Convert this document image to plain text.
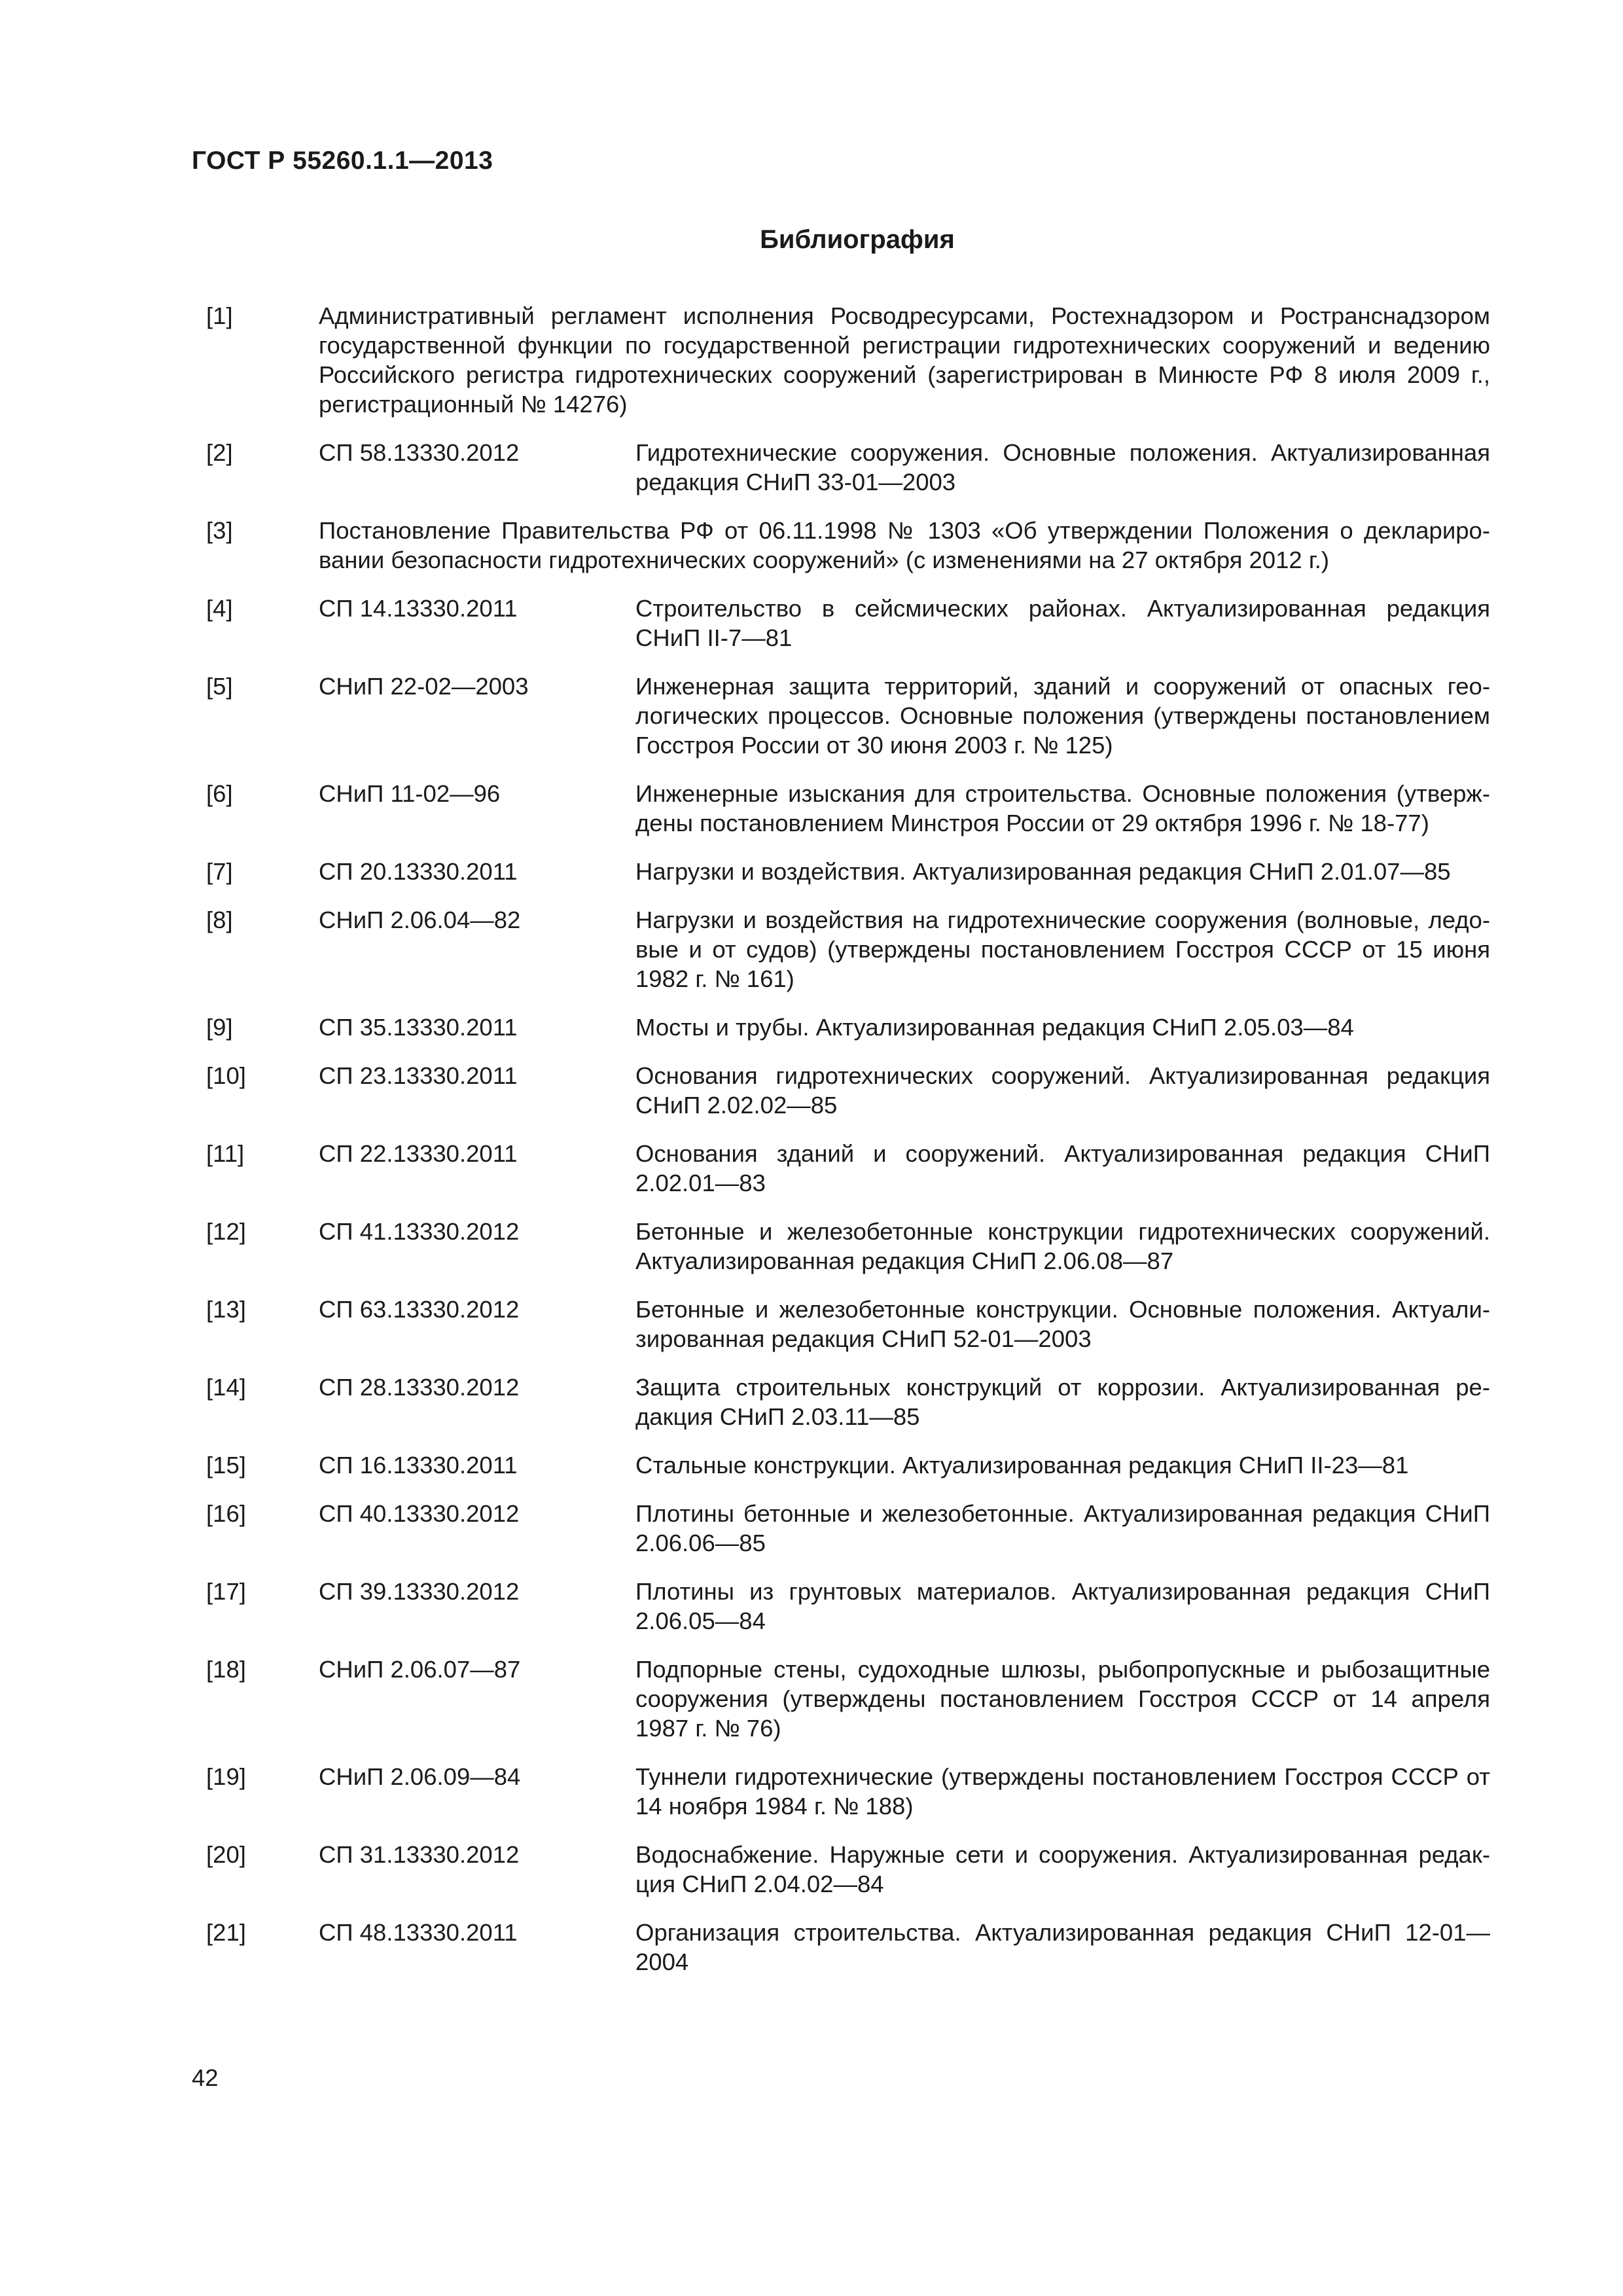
ГОСТ Р 55260.1.1—2013
Библиография
[1]	Административный регламент исполнения Росводресурсами, Ростехнадзором и Ространснадзором государственной функции по государственной регистрации гидротехнических сооружений и ведению Российского регистра гидротехнических сооружений (зарегистрирован в Минюсте РФ 8 июля 2009 г., регистрационный № 14276)
[2]	СП 58.13330.2012	Гидротехнические сооружения. Основные положения. Актуализированная редакция СНиП 33-01—2003
[3]	Постановление Правительства РФ от 06.11.1998 № 1303 «Об утверждении Положения о декларировании безопасности гидротехнических сооружений» (с изменениями на 27 октября 2012 г.)
[4]	СП 14.13330.2011	Строительство в сейсмических районах. Актуализированная редакция СНиП II-7—81
[5]	СНиП 22-02—2003	Инженерная защита территорий, зданий и сооружений от опасных геологических процессов. Основные положения (утверждены постановлением Госстроя России от 30 июня 2003 г. № 125)
[6]	СНиП 11-02—96	Инженерные изыскания для строительства. Основные положения (утверждены постановлением Минстроя России от 29 октября 1996 г. № 18-77)
[7]	СП 20.13330.2011	Нагрузки и воздействия. Актуализированная редакция СНиП 2.01.07—85
[8]	СНиП 2.06.04—82	Нагрузки и воздействия на гидротехнические сооружения (волновые, ледовые и от судов) (утверждены постановлением Госстроя СССР от 15 июня 1982 г. № 161)
[9]	СП 35.13330.2011	Мосты и трубы. Актуализированная редакция СНиП 2.05.03—84
[10]	СП 23.13330.2011	Основания гидротехнических сооружений. Актуализированная редакция СНиП 2.02.02—85
[11]	СП 22.13330.2011	Основания зданий и сооружений. Актуализированная редакция СНиП 2.02.01—83
[12]	СП 41.13330.2012	Бетонные и железобетонные конструкции гидротехнических сооружений. Актуализированная редакция СНиП 2.06.08—87
[13]	СП 63.13330.2012	Бетонные и железобетонные конструкции. Основные положения. Актуализированная редакция СНиП 52-01—2003
[14]	СП 28.13330.2012	Защита строительных конструкций от коррозии. Актуализированная редакция СНиП 2.03.11—85
[15]	СП 16.13330.2011	Стальные конструкции. Актуализированная редакция СНиП II-23—81
[16]	СП 40.13330.2012	Плотины бетонные и железобетонные. Актуализированная редакция СНиП 2.06.06—85
[17]	СП 39.13330.2012	Плотины из грунтовых материалов. Актуализированная редакция СНиП 2.06.05—84
[18]	СНиП 2.06.07—87	Подпорные стены, судоходные шлюзы, рыбопропускные и рыбозащитные сооружения (утверждены постановлением Госстроя СССР от 14 апреля 1987 г. № 76)
[19]	СНиП 2.06.09—84	Туннели гидротехнические (утверждены постановлением Госстроя СССР от 14 ноября 1984 г. № 188)
[20]	СП 31.13330.2012	Водоснабжение. Наружные сети и сооружения. Актуализированная редакция СНиП 2.04.02—84
[21]	СП 48.13330.2011	Организация строительства. Актуализированная редакция СНиП 12-01—2004
42
